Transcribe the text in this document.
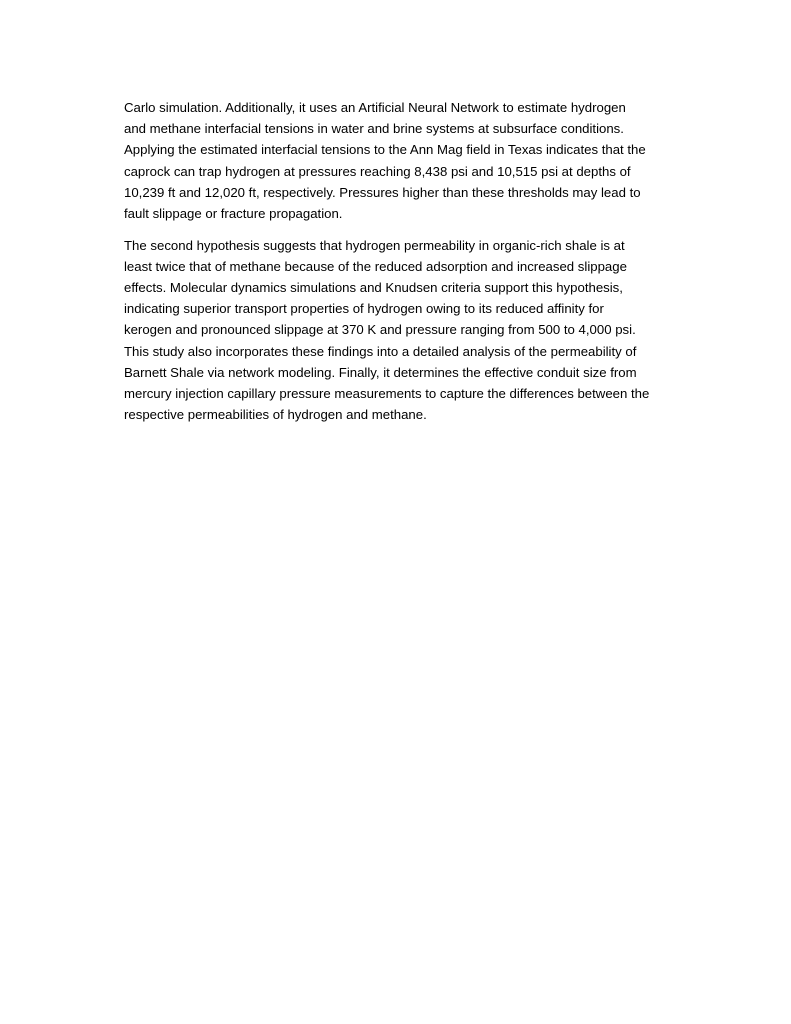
Carlo simulation. Additionally, it uses an Artificial Neural Network to estimate hydrogen
and methane interfacial tensions in water and brine systems at subsurface conditions.
Applying the estimated interfacial tensions to the Ann Mag field in Texas indicates that the
caprock can trap hydrogen at pressures reaching 8,438 psi and 10,515 psi at depths of
10,239 ft and 12,020 ft, respectively. Pressures higher than these thresholds may lead to
fault slippage or fracture propagation.

The second hypothesis suggests that hydrogen permeability in organic-rich shale is at
least twice that of methane because of the reduced adsorption and increased slippage
effects. Molecular dynamics simulations and Knudsen criteria support this hypothesis,
indicating superior transport properties of hydrogen owing to its reduced affinity for
kerogen and pronounced slippage at 370 K and pressure ranging from 500 to 4,000 psi.
This study also incorporates these findings into a detailed analysis of the permeability of
Barnett Shale via network modeling. Finally, it determines the effective conduit size from
mercury injection capillary pressure measurements to capture the differences between the
respective permeabilities of hydrogen and methane.
